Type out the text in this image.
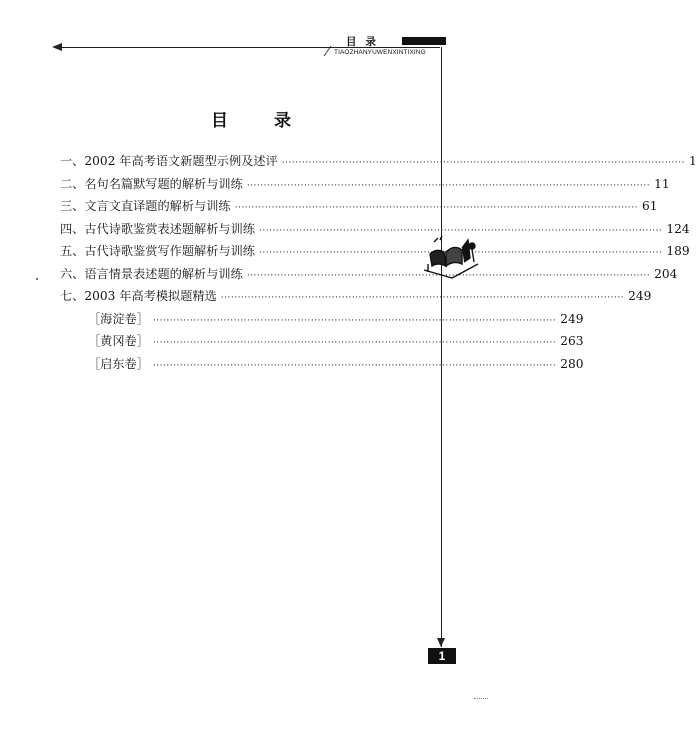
目录
TIAOZHANYUWENXINTIXING
目 录
一、2002 年高考语文新题型示例及述评 ························································································································ 1
二、名句名篇默写题的解析与训练 ························································································································ 11
三、文言文直译题的解析与训练 ························································································································ 61
四、古代诗歌鉴赏表述题解析与训练 ························································································································ 124
五、古代诗歌鉴赏写作题解析与训练 ························································································································ 189
六、语言情景表述题的解析与训练 ························································································································ 204
七、2003 年高考模拟题精选 ························································································································ 249
［海淀卷］ ························································································································ 249
［黄冈卷］ ························································································································ 263
［启东卷］ ························································································································ 280
1
